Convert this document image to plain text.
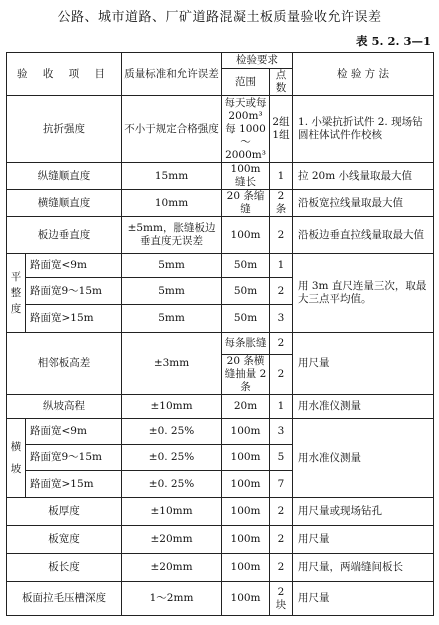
公路、城市道路、厂矿道路混凝土板质量验收允许误差
表 5. 2. 3—1
验 收 项 目		质量标准和允许误差	检验要求		检 验 方 法
			范围	点数	
抗折强度		不小于规定合格强度	每天或每 200m³ 每 1000～2000m³	2组 1组	1. 小梁抗折试件 2. 现场钻圆柱体试件作校核
纵缝顺直度		15mm	100m 缝长	1	拉 20m 小线量取最大值
横缝顺直度		10mm	20 条缩缝	2 条	沿板宽拉线量取最大值
板边垂直度		±5mm，胀缝板边垂直度无误差	100m	2	沿板边垂直拉线量取最大值
平整度	路面宽<9m	5mm	50m	1	用 3m 直尺连量三次，取最大三点平均值。
	路面宽9～15m	5mm	50m	2	
	路面宽>15m	5mm	50m	3	
相邻板高差		±3mm	每条胀缝	2	用尺量
			20 条横缝抽量 2 条	2	
纵坡高程		±10mm	20m	1	用水准仪测量
横坡	路面宽<9m	±0. 25%	100m	3	用水准仪测量
	路面宽9～15m	±0. 25%	100m	5	
	路面宽>15m	±0. 25%	100m	7	
板厚度		±10mm	100m	2	用尺量或现场钻孔
板宽度		±20mm	100m	2	用尺量
板长度		±20mm	100m	2	用尺量，两端缝间板长
板面拉毛压槽深度		1～2mm	100m	2 块	用尺量
